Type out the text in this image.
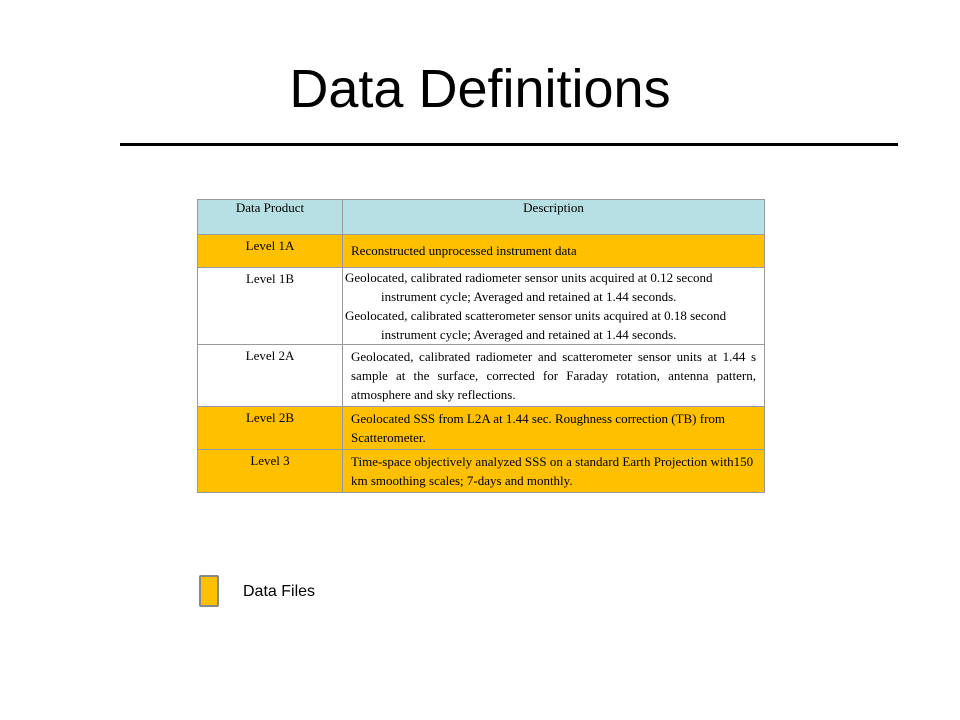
Data Definitions
Data Product	Description
Level 1A	Reconstructed unprocessed instrument data
Level 1B	Geolocated, calibrated radiometer sensor units acquired at 0.12 second instrument cycle; Averaged and retained at 1.44 seconds.

Geolocated, calibrated scatterometer sensor units acquired at 0.18 second instrument cycle; Averaged and retained at 1.44 seconds.

Level 2A	Geolocated, calibrated radiometer and scatterometer sensor units at 1.44 s sample at the surface, corrected for Faraday rotation, antenna pattern, atmosphere and sky reflections.
Level 2B	Geolocated SSS from L2A at 1.44 sec. Roughness correction (TB) from Scatterometer.
Level 3	Time-space objectively analyzed SSS on a standard Earth Projection with150 km smoothing scales; 7-days and monthly.
Data Files
